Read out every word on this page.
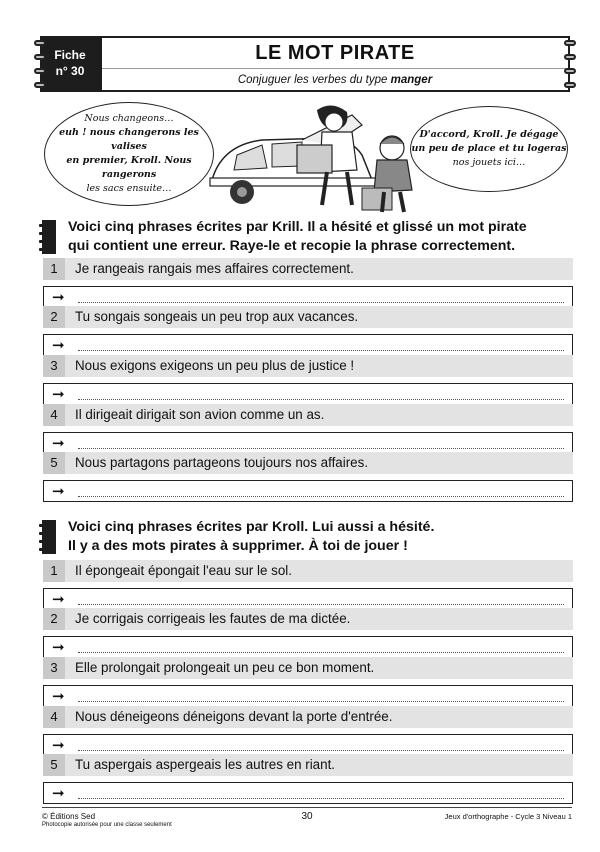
Fiche
n° 30
LE MOT PIRATE
Conjuguer les verbes du type manger
Nous changeons…
euh ! nous changerons les valises
en premier, Kroll. Nous rangerons
les sacs ensuite…
D'accord, Kroll. Je dégage
un peu de place et tu logeras
nos jouets ici…
Voici cinq phrases écrites par Krill. Il a hésité et glissé un mot pirate
qui contient une erreur. Raye-le et recopie la phrase correctement.
1	Je rangeais rangais mes affaires correctement.
➞
2	Tu songais songeais un peu trop aux vacances.
➞
3	Nous exigons exigeons un peu plus de justice !
➞
4	Il dirigeait dirigait son avion comme un as.
➞
5	Nous partagons partageons toujours nos affaires.
➞
Voici cinq phrases écrites par Kroll. Lui aussi a hésité.
Il y a des mots pirates à supprimer. À toi de jouer !
1	Il épongeait épongait l'eau sur le sol.
➞
2	Je corrigais corrigeais les fautes de ma dictée.
➞
3	Elle prolongait prolongeait un peu ce bon moment.
➞
4	Nous déneigeons déneigons devant la porte d'entrée.
➞
5	Tu aspergais aspergeais les autres en riant.
➞
© Éditions Sed
Photocopie autorisée pour une classe seulement
30	Jeux d'orthographe - Cycle 3 Niveau 1
